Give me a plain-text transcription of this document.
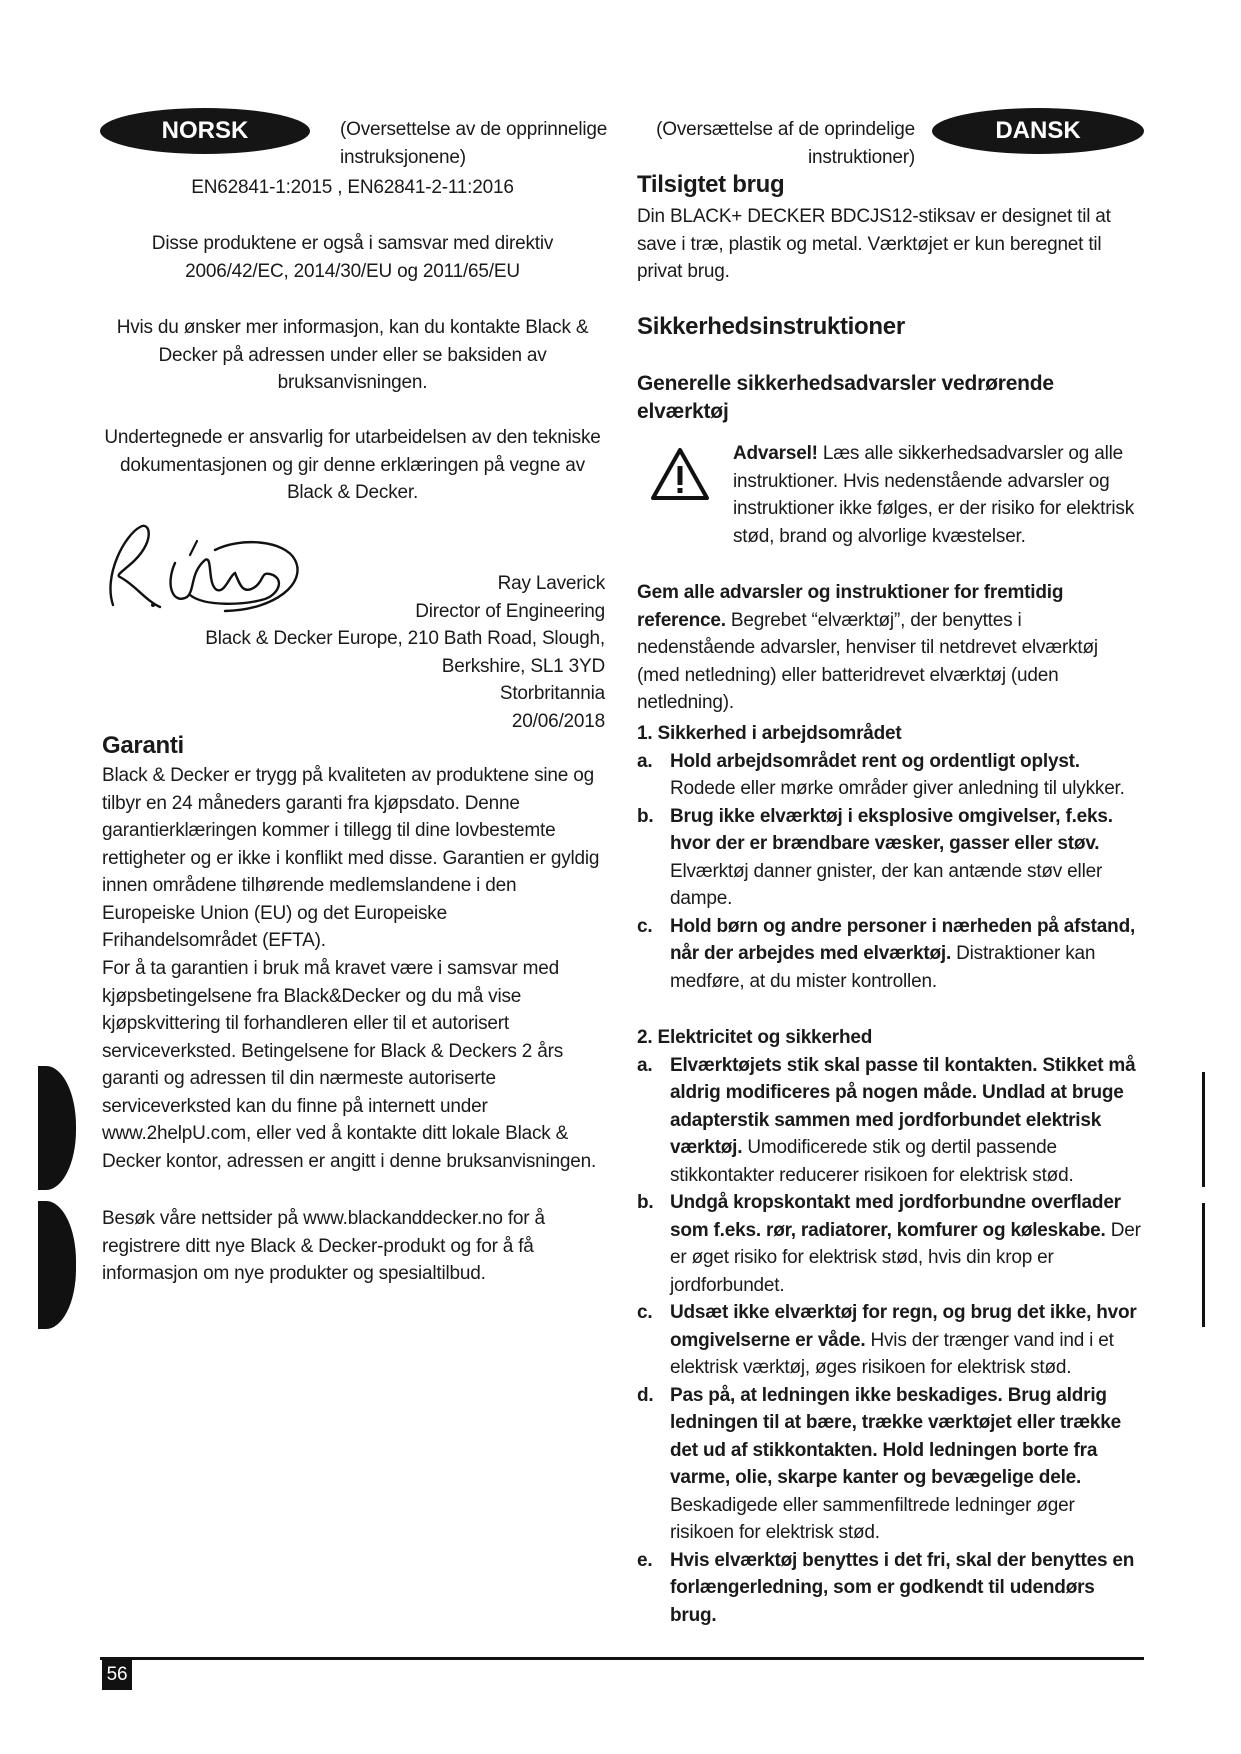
NORSK	(Oversettelse av de opprinnelige instruksjonene)
EN62841-1:2015 , EN62841-2-11:2016
Disse produktene er også i samsvar med direktiv 2006/42/EC, 2014/30/EU og 2011/65/EU
Hvis du ønsker mer informasjon, kan du kontakte Black & Decker på adressen under eller se baksiden av bruksanvisningen.
Undertegnede er ansvarlig for utarbeidelsen av den tekniske dokumentasjonen og gir denne erklæringen på vegne av Black & Decker.
Ray Laverick
Director of Engineering
Black & Decker Europe, 210 Bath Road, Slough,
Berkshire, SL1 3YD
Storbritannia
20/06/2018
Garanti

Black & Decker er trygg på kvaliteten av produktene sine og tilbyr en 24 måneders garanti fra kjøpsdato. Denne garantierklæringen kommer i tillegg til dine lovbestemte rettigheter og er ikke i konflikt med disse. Garantien er gyldig innen områdene tilhørende medlemslandene i den Europeiske Union (EU) og det Europeiske Frihandelsområdet (EFTA).

For å ta garantien i bruk må kravet være i samsvar med kjøpsbetingelsene fra Black&Decker og du må vise kjøpskvittering til forhandleren eller til et autorisert serviceverksted. Betingelsene for Black & Deckers 2 års garanti og adressen til din nærmeste autoriserte serviceverksted kan du finne på internett under www.2helpU.com, eller ved å kontakte ditt lokale Black & Decker kontor, adressen er angitt i denne bruksanvisningen.

Besøk våre nettsider på www.blackanddecker.no for å registrere ditt nye Black & Decker-produkt og for å få informasjon om nye produkter og spesialtilbud.

(Oversættelse af de oprindelige instruktioner)
DANSK
Tilsigtet brug

Din BLACK+ DECKER BDCJS12-stiksav er designet til at save i træ, plastik og metal. Værktøjet er kun beregnet til privat brug.

Sikkerhedsinstruktioner
Generelle sikkerhedsadvarsler vedrørende elværktøj

Advarsel! Læs alle sikkerhedsadvarsler og alle instruktioner. Hvis nedenstående advarsler og instruktioner ikke følges, er der risiko for elektrisk stød, brand og alvorlige kvæstelser.

Gem alle advarsler og instruktioner for fremtidig reference. Begrebet “elværktøj”, der benyttes i nedenstående advarsler, henviser til netdrevet elværktøj (med netledning) eller batteridrevet elværktøj (uden netledning).

1. Sikkerhed i arbejdsområdet
a. Hold arbejdsområdet rent og ordentligt oplyst. Rodede eller mørke områder giver anledning til ulykker.
b. Brug ikke elværktøj i eksplosive omgivelser, f.eks. hvor der er brændbare væsker, gasser eller støv. Elværktøj danner gnister, der kan antænde støv eller dampe.
c. Hold børn og andre personer i nærheden på afstand, når der arbejdes med elværktøj. Distraktioner kan medføre, at du mister kontrollen.
2. Elektricitet og sikkerhed
a. Elværktøjets stik skal passe til kontakten. Stikket må aldrig modificeres på nogen måde. Undlad at bruge adapterstik sammen med jordforbundet elektrisk værktøj. Umodificerede stik og dertil passende stikkontakter reducerer risikoen for elektrisk stød.
b. Undgå kropskontakt med jordforbundne overflader som f.eks. rør, radiatorer, komfurer og køleskabe. Der er øget risiko for elektrisk stød, hvis din krop er jordforbundet.
c. Udsæt ikke elværktøj for regn, og brug det ikke, hvor omgivelserne er våde. Hvis der trænger vand ind i et elektrisk værktøj, øges risikoen for elektrisk stød.
d. Pas på, at ledningen ikke beskadiges. Brug aldrig ledningen til at bære, trække værktøjet eller trække det ud af stikkontakten. Hold ledningen borte fra varme, olie, skarpe kanter og bevægelige dele. Beskadigede eller sammenfiltrede ledninger øger risikoen for elektrisk stød.
e. Hvis elværktøj benyttes i det fri, skal der benyttes en forlængerledning, som er godkendt til udendørs brug.
56
